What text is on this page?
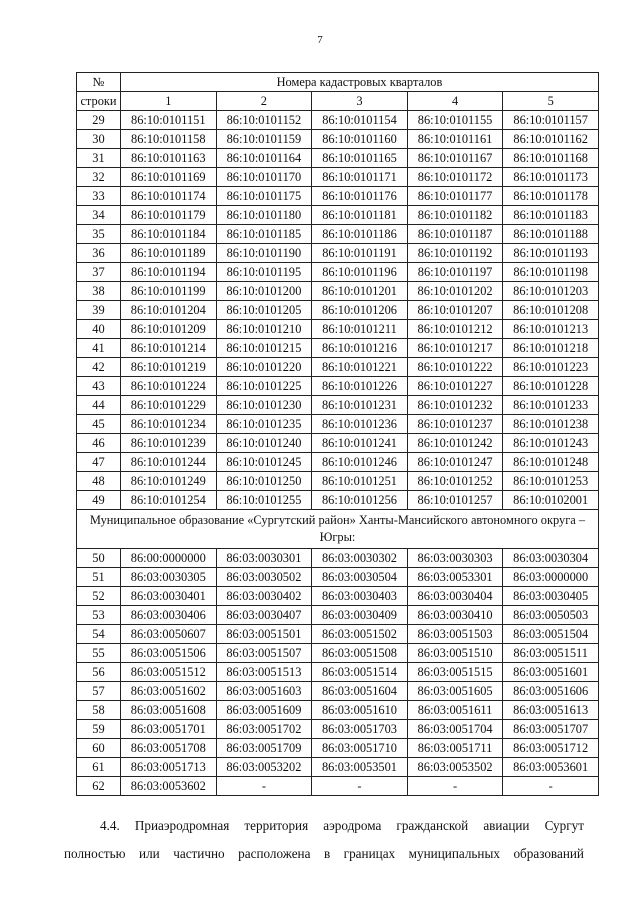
7
№	Номера кадастровых кварталов				
строки	1	2	3	4	5
29	86:10:0101151	86:10:0101152	86:10:0101154	86:10:0101155	86:10:0101157
30	86:10:0101158	86:10:0101159	86:10:0101160	86:10:0101161	86:10:0101162
31	86:10:0101163	86:10:0101164	86:10:0101165	86:10:0101167	86:10:0101168
32	86:10:0101169	86:10:0101170	86:10:0101171	86:10:0101172	86:10:0101173
33	86:10:0101174	86:10:0101175	86:10:0101176	86:10:0101177	86:10:0101178
34	86:10:0101179	86:10:0101180	86:10:0101181	86:10:0101182	86:10:0101183
35	86:10:0101184	86:10:0101185	86:10:0101186	86:10:0101187	86:10:0101188
36	86:10:0101189	86:10:0101190	86:10:0101191	86:10:0101192	86:10:0101193
37	86:10:0101194	86:10:0101195	86:10:0101196	86:10:0101197	86:10:0101198
38	86:10:0101199	86:10:0101200	86:10:0101201	86:10:0101202	86:10:0101203
39	86:10:0101204	86:10:0101205	86:10:0101206	86:10:0101207	86:10:0101208
40	86:10:0101209	86:10:0101210	86:10:0101211	86:10:0101212	86:10:0101213
41	86:10:0101214	86:10:0101215	86:10:0101216	86:10:0101217	86:10:0101218
42	86:10:0101219	86:10:0101220	86:10:0101221	86:10:0101222	86:10:0101223
43	86:10:0101224	86:10:0101225	86:10:0101226	86:10:0101227	86:10:0101228
44	86:10:0101229	86:10:0101230	86:10:0101231	86:10:0101232	86:10:0101233
45	86:10:0101234	86:10:0101235	86:10:0101236	86:10:0101237	86:10:0101238
46	86:10:0101239	86:10:0101240	86:10:0101241	86:10:0101242	86:10:0101243
47	86:10:0101244	86:10:0101245	86:10:0101246	86:10:0101247	86:10:0101248
48	86:10:0101249	86:10:0101250	86:10:0101251	86:10:0101252	86:10:0101253
49	86:10:0101254	86:10:0101255	86:10:0101256	86:10:0101257	86:10:0102001
Муниципальное образование «Сургутский район» Ханты-Мансийского автономного округа – Югры:					
50	86:00:0000000	86:03:0030301	86:03:0030302	86:03:0030303	86:03:0030304
51	86:03:0030305	86:03:0030502	86:03:0030504	86:03:0053301	86:03:0000000
52	86:03:0030401	86:03:0030402	86:03:0030403	86:03:0030404	86:03:0030405
53	86:03:0030406	86:03:0030407	86:03:0030409	86:03:0030410	86:03:0050503
54	86:03:0050607	86:03:0051501	86:03:0051502	86:03:0051503	86:03:0051504
55	86:03:0051506	86:03:0051507	86:03:0051508	86:03:0051510	86:03:0051511
56	86:03:0051512	86:03:0051513	86:03:0051514	86:03:0051515	86:03:0051601
57	86:03:0051602	86:03:0051603	86:03:0051604	86:03:0051605	86:03:0051606
58	86:03:0051608	86:03:0051609	86:03:0051610	86:03:0051611	86:03:0051613
59	86:03:0051701	86:03:0051702	86:03:0051703	86:03:0051704	86:03:0051707
60	86:03:0051708	86:03:0051709	86:03:0051710	86:03:0051711	86:03:0051712
61	86:03:0051713	86:03:0053202	86:03:0053501	86:03:0053502	86:03:0053601
62	86:03:0053602	-	-	-	-

4.4. Приаэродромная территория аэродрома гражданской авиации Сургут

полностью или частично расположена в границах муниципальных образований
